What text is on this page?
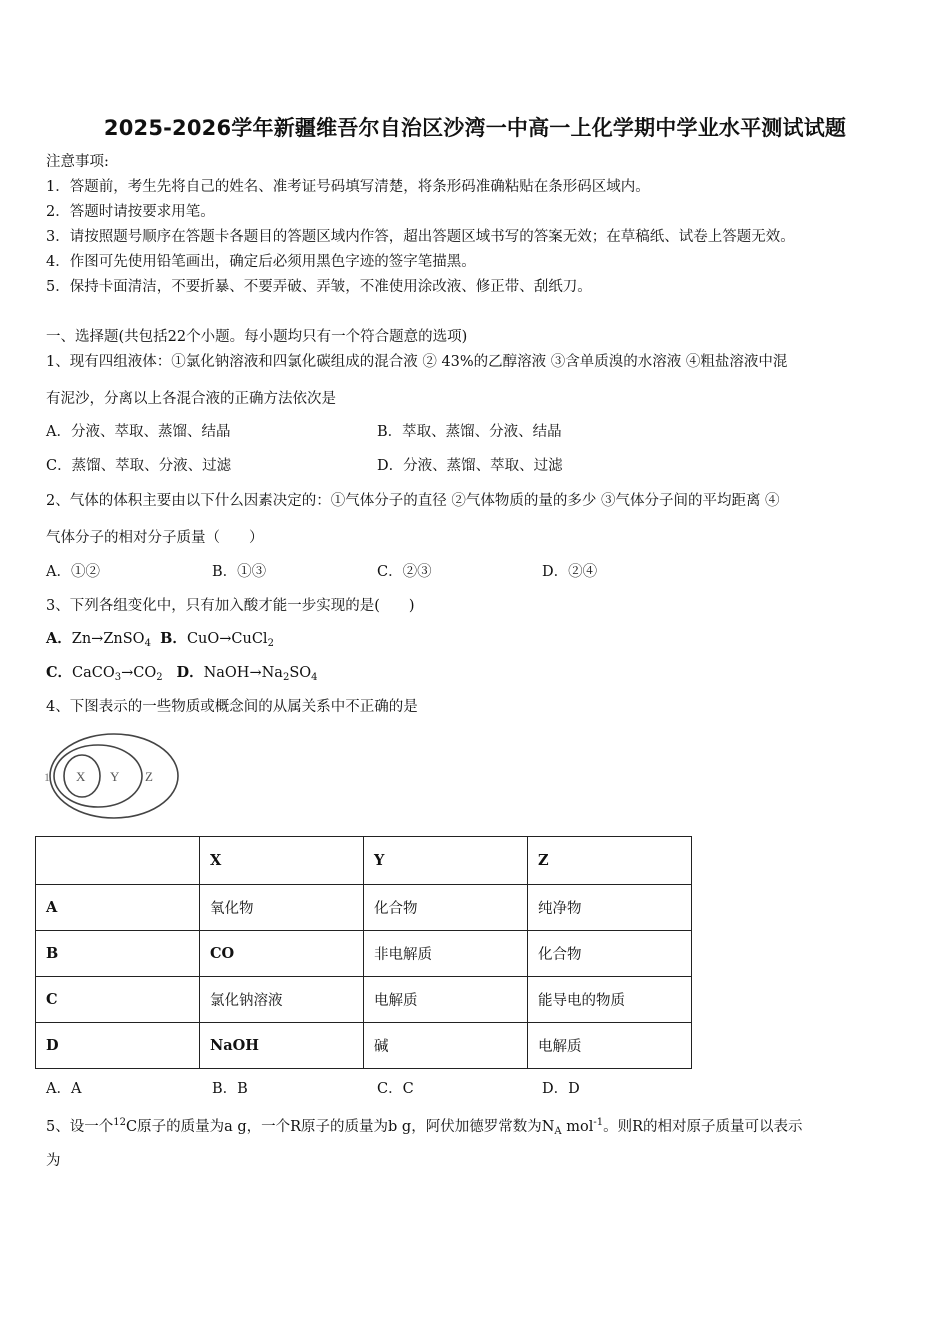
2025-2026学年新疆维吾尔自治区沙湾一中高一上化学期中学业水平测试试题
注意事项:
1．答题前，考生先将自己的姓名、准考证号码填写清楚，将条形码准确粘贴在条形码区域内。
2．答题时请按要求用笔。
3．请按照题号顺序在答题卡各题目的答题区域内作答，超出答题区域书写的答案无效；在草稿纸、试卷上答题无效。
4．作图可先使用铅笔画出，确定后必须用黑色字迹的签字笔描黑。
5．保持卡面清洁，不要折暴、不要弄破、弄皱，不准使用涂改液、修正带、刮纸刀。
一、选择题(共包括22个小题。每小题均只有一个符合题意的选项)
1、现有四组液体：①氯化钠溶液和四氯化碳组成的混合液 ② 43%的乙醇溶液 ③含单质溴的水溶液 ④粗盐溶液中混
有泥沙，分离以上各混合液的正确方法依次是
A．分液、萃取、蒸馏、结晶	B．萃取、蒸馏、分液、结晶
C．蒸馏、萃取、分液、过滤	D．分液、蒸馏、萃取、过滤
2、气体的体积主要由以下什么因素决定的：①气体分子的直径 ②气体物质的量的多少 ③气体分子间的平均距离 ④
气体分子的相对分子质量（　　）
A．①②	B．①③	C．②③	D．②④
3、下列各组变化中，只有加入酸才能一步实现的是(　　)
A．Zn→ZnSO$_4$ B．CuO→CuCl$_2$
C．$CaCO_3\to CO_2$ D．$NaOH\to Na_2SO_4$
4、下图表示的一些物质或概念间的从属关系中不正确的是
X Y Z
1
	X	Y	Z
A	氧化物	化合物	纯净物
B	CO	非电解质	化合物
C	氯化钠溶液	电解质	能导电的物质
D	NaOH	碱	电解质
A．A	B．B	C．C	D．D
5、设一个$^{12}$C原子的质量为a g，一个R原子的质量为b g，阿伏加德罗常数为$N_A$ mol$^{-1}$。则R的相对原子质量可以表示
为
